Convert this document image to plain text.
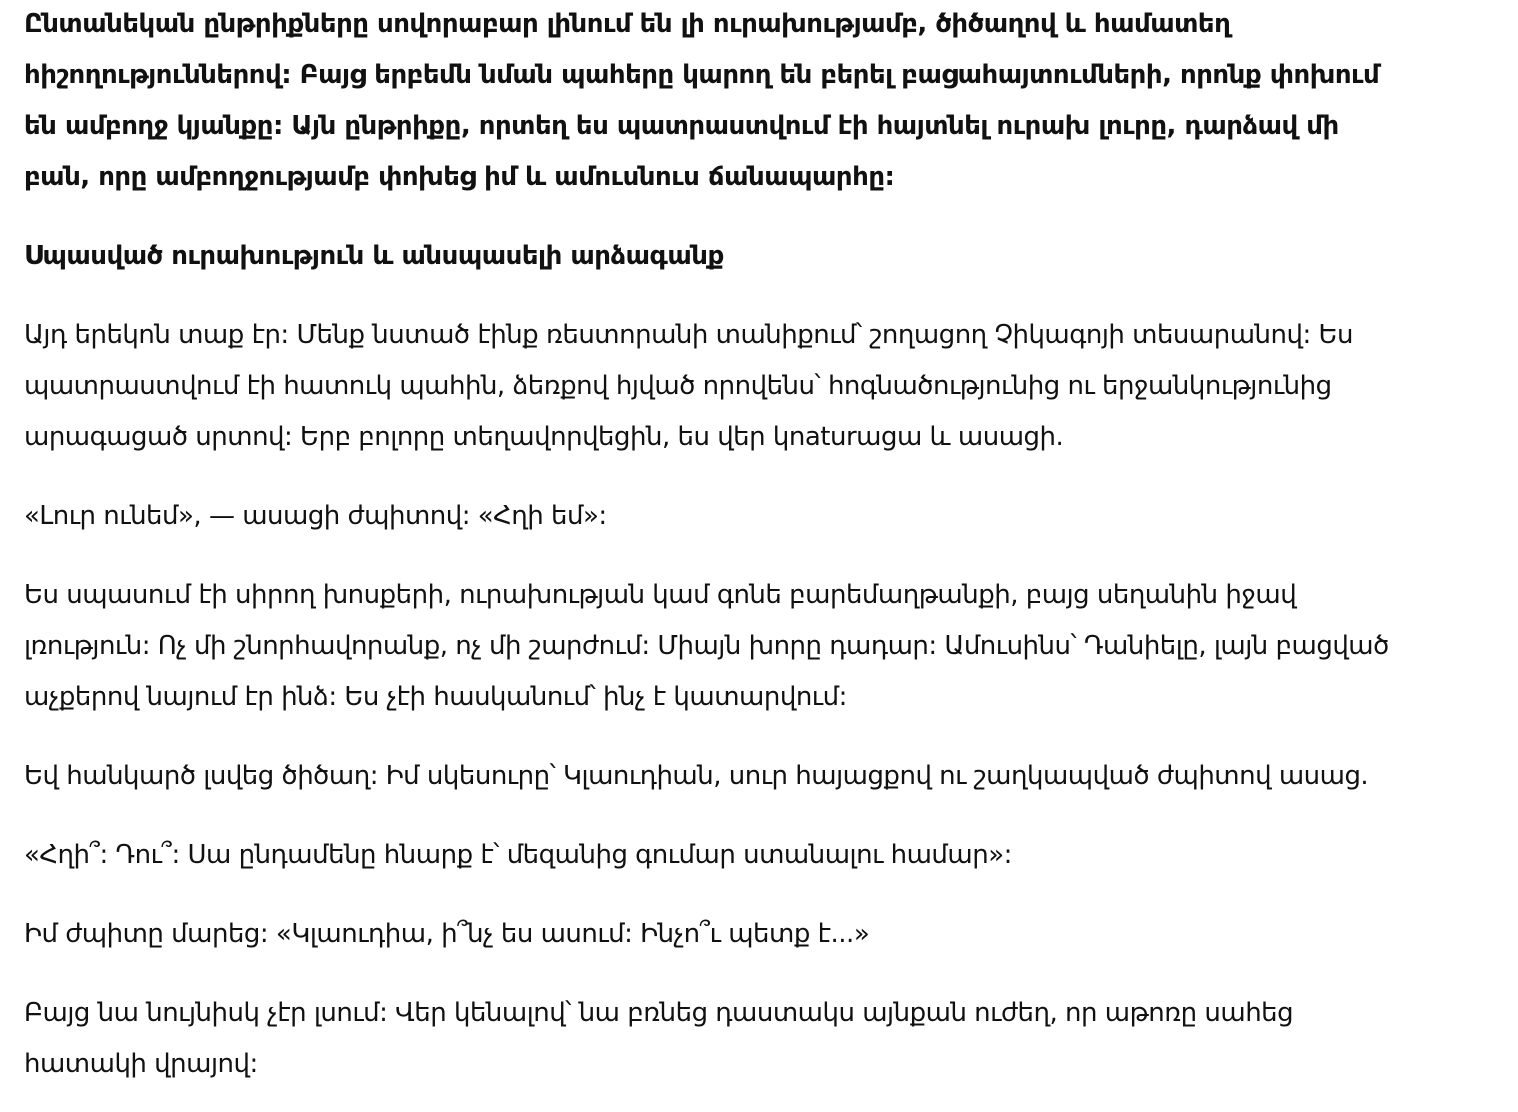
Ընտանեկան ընթրիքները սովորաբար լինում են լի ուրախությամբ, ծիծաղով և համատեղ հիշողություններով: Բայց երբեմն նման պահերը կարող են բերել բացահայտումների, որոնք փոխում են ամբողջ կյանքը: Այն ընթրիքը, որտեղ ես պատրաստվում էի հայտնել ուրախ լուրը, դարձավ մի բան, որը ամբողջությամբ փոխեց իմ և ամուսնուս ճանապարհը:

Սպասված ուրախություն և անսպասելի արձագանք

Այդ երեկոն տաք էր: Մենք նստած էինք ռեստորանի տանիքում՝ շողացող Չիկագոյի տեսարանով: Ես պատրաստվում էի հատուկ պահին, ձեռքով հյված որովենս՝ հոգնածությունից ու երջանկությունից արագացած սրտով: Երբ բոլորը տեղավորվեցին, ես վեր կnaturացա և ասացի.

«Լուր ունեմ», — ասացի ժպիտով: «Հղի եմ»:

Ես սպասում էի սիրող խոսքերի, ուրախության կամ գոնե բարեմաղթանքի, բայց սեղանին իջավ լռություն: Ոչ մի շնորհավորանք, ոչ մի շարժում: Միայն խորը դադար: Ամուսինս՝ Դանիելը, լայն բացված աչքերով նայում էր ինձ: Ես չէի հասկանում՝ ինչ է կատարվում:

Եվ հանկարծ լսվեց ծիծաղ: Իմ սկեսուրը՝ Կլաուդիան, սուր հայացքով ու շաղկապված ժպիտով ասաց.

«Հղի՞: Դու՞: Սա ընդամենը հնարք է՝ մեզանից գումար ստանալու համար»:

Իմ ժպիտը մարեց: «Կլաուդիա, ի՞նչ ես ասում: Ինչո՞ւ պետք է...»

Բայց նա նույնիսկ չէր լսում: Վեր կենալով՝ նա բռնեց դաստակս այնքան ուժեղ, որ աթոռը սահեց հատակի վրայով:
